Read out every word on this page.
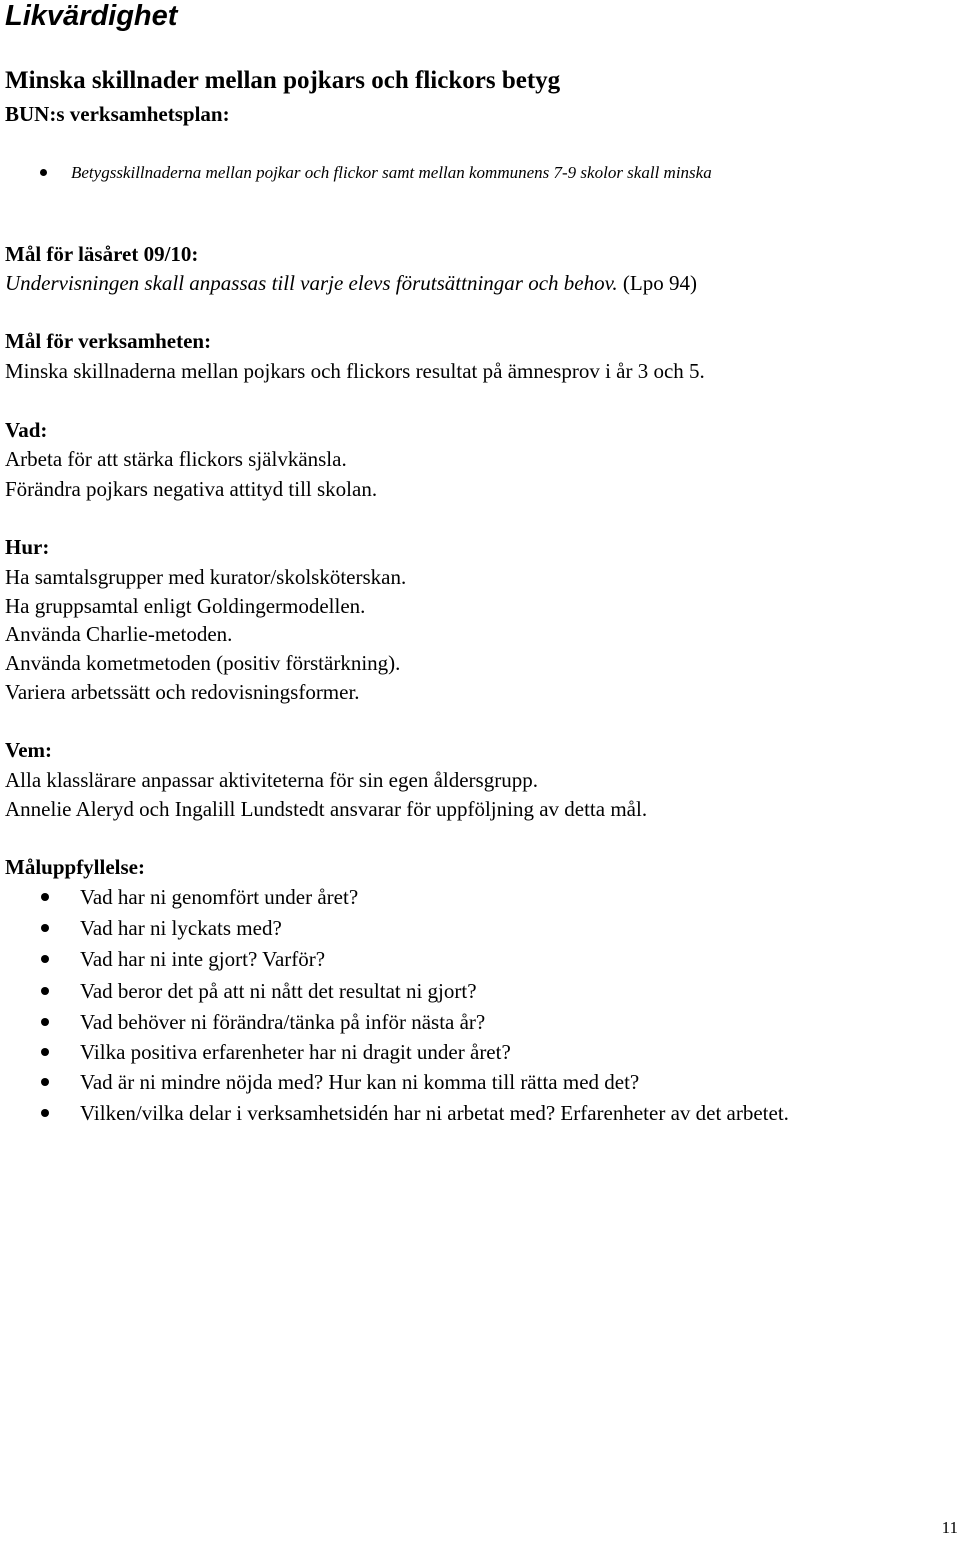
Likvärdighet
Minska skillnader mellan pojkars och flickors betyg
BUN:s verksamhetsplan:
Betygsskillnaderna mellan pojkar och flickor samt mellan kommunens 7-9 skolor skall minska
Mål för läsåret 09/10:
Undervisningen skall anpassas till varje elevs förutsättningar och behov. (Lpo 94)
Mål för verksamheten:
Minska skillnaderna mellan pojkars och flickors resultat på ämnesprov i år 3 och 5.
Vad:
Arbeta för att stärka flickors självkänsla.
Förändra pojkars negativa attityd till skolan.
Hur:
Ha samtalsgrupper med kurator/skolsköterskan.
Ha gruppsamtal enligt Goldingermodellen.
Använda Charlie-metoden.
Använda kometmetoden (positiv förstärkning).
Variera arbetssätt och redovisningsformer.
Vem:
Alla klasslärare anpassar aktiviteterna för sin egen åldersgrupp.
Annelie Aleryd och Ingalill Lundstedt ansvarar för uppföljning av detta mål.
Måluppfyllelse:
Vad har ni genomfört under året?
Vad har ni lyckats med?
Vad har ni inte gjort? Varför?
Vad beror det på att ni nått det resultat ni gjort?
Vad behöver ni förändra/tänka på inför nästa år?
Vilka positiva erfarenheter har ni dragit under året?
Vad är ni mindre nöjda med? Hur kan ni komma till rätta med det?
Vilken/vilka delar i verksamhetsidén har ni arbetat med? Erfarenheter av det arbetet.
11
